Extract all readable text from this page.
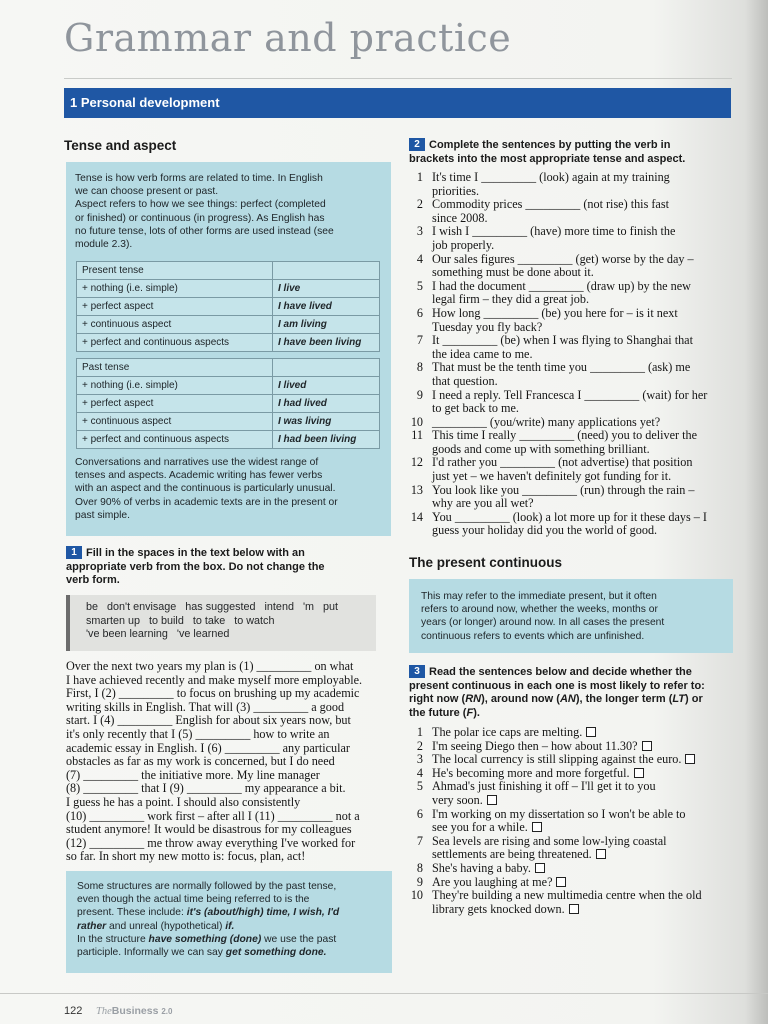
Grammar and practice
1 Personal development
Tense and aspect
Tense is how verb forms are related to time. In English
we can choose present or past.
Aspect refers to how we see things: perfect (completed
or finished) or continuous (in progress). As English has
no future tense, lots of other forms are used instead (see
module 2.3).
Present tense	
+ nothing (i.e. simple)	I live
+ perfect aspect	I have lived
+ continuous aspect	I am living
+ perfect and continuous aspects	I have been living
Past tense	
+ nothing (i.e. simple)	I lived
+ perfect aspect	I had lived
+ continuous aspect	I was living
+ perfect and continuous aspects	I had been living
Conversations and narratives use the widest range of
tenses and aspects. Academic writing has fewer verbs
with an aspect and the continuous is particularly unusual.
Over 90% of verbs in academic texts are in the present or
past simple.
1 Fill in the spaces in the text below with an
appropriate verb from the box. Do not change the
verb form.
be   don't envisage   has suggested   intend   'm   put
smarten up   to build   to take   to watch
've been learning   've learned
Over the next two years my plan is (1) _________ on what
I have achieved recently and make myself more employable.
First, I (2) _________ to focus on brushing up my academic
writing skills in English. That will (3) _________ a good
start. I (4) _________ English for about six years now, but
it's only recently that I (5) _________ how to write an
academic essay in English. I (6) _________ any particular
obstacles as far as my work is concerned, but I do need
(7) _________ the initiative more. My line manager
(8) _________ that I (9) _________ my appearance a bit.
I guess he has a point. I should also consistently
(10) _________ work first – after all I (11) _________ not a
student anymore! It would be disastrous for my colleagues
(12) _________ me throw away everything I've worked for
so far. In short my new motto is: focus, plan, act!
Some structures are normally followed by the past tense,
even though the actual time being referred to is the
present. These include: it's (about/high) time, I wish, I'd
rather and unreal (hypothetical) if.
In the structure have something (done) we use the past
participle. Informally we can say get something done.
2 Complete the sentences by putting the verb in
brackets into the most appropriate tense and aspect.
1 It's time I _________ (look) again at my training
priorities.
2 Commodity prices _________ (not rise) this fast
since 2008.
3 I wish I _________ (have) more time to finish the
job properly.
4 Our sales figures _________ (get) worse by the day –
something must be done about it.
5 I had the document _________ (draw up) by the new
legal firm – they did a great job.
6 How long _________ (be) you here for – is it next
Tuesday you fly back?
7 It _________ (be) when I was flying to Shanghai that
the idea came to me.
8 That must be the tenth time you _________ (ask) me
that question.
9 I need a reply. Tell Francesca I _________ (wait) for her
to get back to me.
10 _________ (you/write) many applications yet?
11 This time I really _________ (need) you to deliver the
goods and come up with something brilliant.
12 I'd rather you _________ (not advertise) that position
just yet – we haven't definitely got funding for it.
13 You look like you _________ (run) through the rain –
why are you all wet?
14 You _________ (look) a lot more up for it these days – I
guess your holiday did you the world of good.
The present continuous
This may refer to the immediate present, but it often
refers to around now, whether the weeks, months or
years (or longer) around now. In all cases the present
continuous refers to events which are unfinished.
3 Read the sentences below and decide whether the
present continuous in each one is most likely to refer to:
right now (RN), around now (AN), the longer term (LT) or
the future (F).
1 The polar ice caps are melting.
2 I'm seeing Diego then – how about 11.30?
3 The local currency is still slipping against the euro.
4 He's becoming more and more forgetful.
5 Ahmad's just finishing it off – I'll get it to you
very soon.
6 I'm working on my dissertation so I won't be able to
see you for a while.
7 Sea levels are rising and some low-lying coastal
settlements are being threatened.
8 She's having a baby.
9 Are you laughing at me?
10 They're building a new multimedia centre when the old
library gets knocked down.
122 TheBusiness 2.0
